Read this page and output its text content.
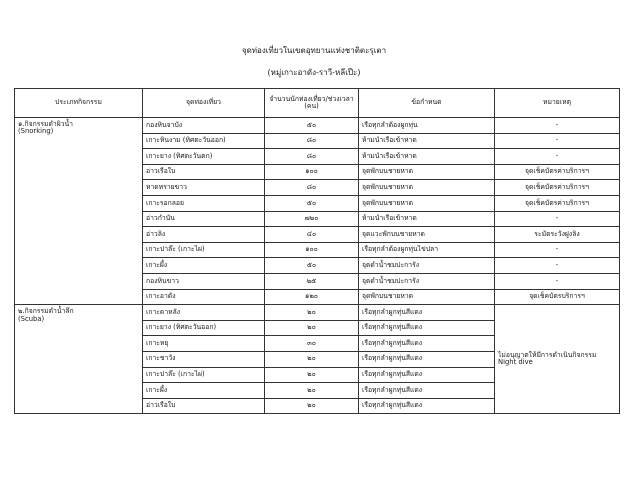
จุดท่องเที่ยวในเขตอุทยานแห่งชาติตะรุเตา
(หมู่เกาะอาดัง-ราวี-หลีเป๊ะ)
ประเภทกิจกรรม	จุดท่องเที่ยว	จำนวนนักท่องเที่ยว/ช่วงเวลา (คน)	ข้อกำหนด	หมายเหตุ

๑.กิจกรรมดำผิวน้ำ
(Snorking)	กองหินจาบัง	๕๐	เรือทุกลำต้องผูกทุ่น	-
	เกาะหินงาม (ทิศตะวันออก)	๘๐	ห้ามนำเรือเข้าหาด	-
	เกาะยาง (ทิศตะวันตก)	๘๐	ห้ามนำเรือเข้าหาด	-
	อ่าวเรือใบ	๑๐๐	จุดพักบนชายหาด	จุดเช็คบัตรค่าบริการฯ
	หาดทรายขาว	๘๐	จุดพักบนชายหาด	จุดเช็คบัตรค่าบริการฯ
	เกาะรอกลอย	๕๐	จุดพักบนชายหาด	จุดเช็คบัตรค่าบริการฯ
	อ่าวกำนัน	๗๒๐	ห้ามนำเรือเข้าหาด	-
	อ่าวลิง	๔๐	จุดแวะพักบนชายหาด	ระมัดระวังฝูงลิง
	เกาะปาล๊ะ (เกาะไผ่)	๑๐๐	เรือทุกลำต้องผูกทุ่นไข่ปลา	-
	เกาะผึ้ง	๕๐	จุดดำน้ำชมปะการัง	-
	กองหินขาว	๒๕	จุดดำน้ำชมปะการัง	-
	เกาะอาดัง	๑๒๐	จุดพักบนชายหาด	จุดเช็คบัตรบริการฯ

๒.กิจกรรมดำน้ำลึก
(Scuba)	เกาะดาหลัง	๒๐	เรือทุกลำผูกทุ่นสีแดง	ไม่อนุญาตให้มีการดำเนินกิจกรรม Night dive
	เกาะยาง (ทิศตะวันออก)	๒๐	เรือทุกลำผูกทุ่นสีแดง	
	เกาะหยุ	๓๐	เรือทุกลำผูกทุ่นสีแดง	
	เกาะชาวัง	๒๐	เรือทุกลำผูกทุ่นสีแดง	
	เกาะปาล๊ะ (เกาะไผ่)	๒๐	เรือทุกลำผูกทุ่นสีแดง	
	เกาะผึ้ง	๒๐	เรือทุกลำผูกทุ่นสีแดง	
	อ่าวเรือใบ	๒๐	เรือทุกลำผูกทุ่นสีแดง	
